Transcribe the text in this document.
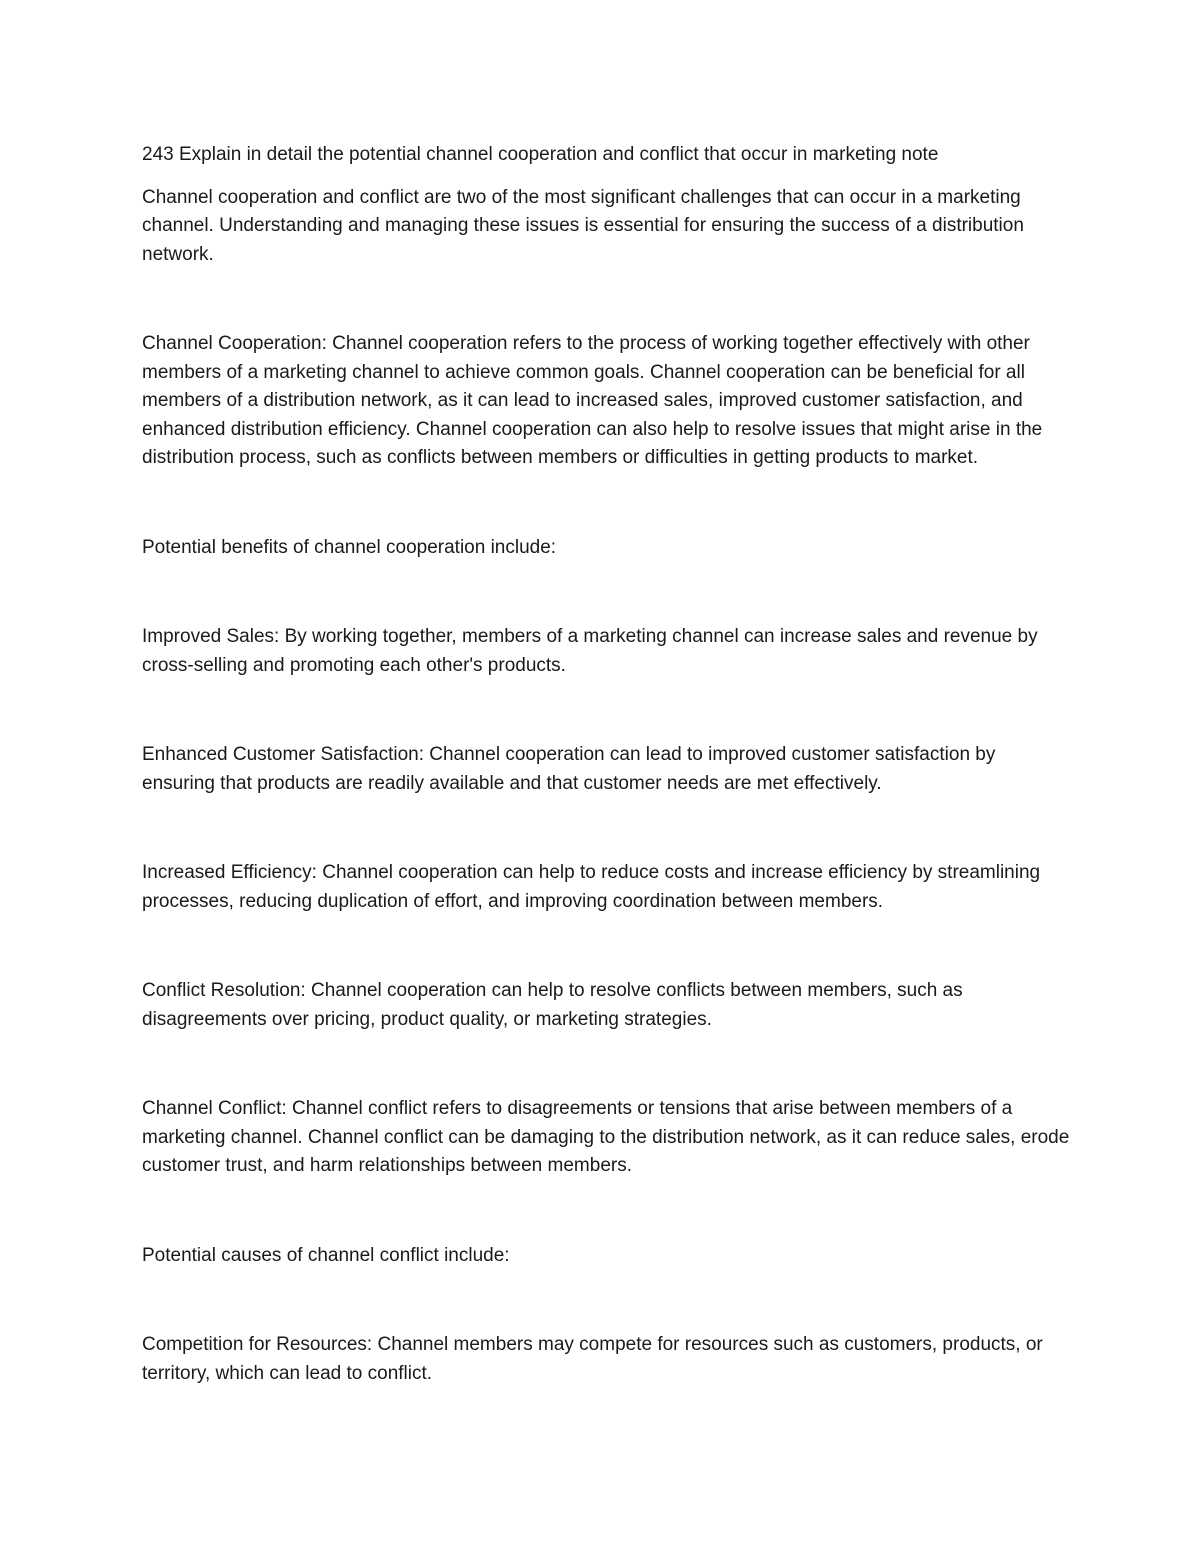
243 Explain in detail the potential channel cooperation and conflict that occur in marketing note

Channel cooperation and conflict are two of the most significant challenges that can occur in a marketing channel. Understanding and managing these issues is essential for ensuring the success of a distribution network.

Channel Cooperation: Channel cooperation refers to the process of working together effectively with other members of a marketing channel to achieve common goals. Channel cooperation can be beneficial for all members of a distribution network, as it can lead to increased sales, improved customer satisfaction, and enhanced distribution efficiency. Channel cooperation can also help to resolve issues that might arise in the distribution process, such as conflicts between members or difficulties in getting products to market.

Potential benefits of channel cooperation include:

Improved Sales: By working together, members of a marketing channel can increase sales and revenue by cross-selling and promoting each other's products.

Enhanced Customer Satisfaction: Channel cooperation can lead to improved customer satisfaction by ensuring that products are readily available and that customer needs are met effectively.

Increased Efficiency: Channel cooperation can help to reduce costs and increase efficiency by streamlining processes, reducing duplication of effort, and improving coordination between members.

Conflict Resolution: Channel cooperation can help to resolve conflicts between members, such as disagreements over pricing, product quality, or marketing strategies.

Channel Conflict: Channel conflict refers to disagreements or tensions that arise between members of a marketing channel. Channel conflict can be damaging to the distribution network, as it can reduce sales, erode customer trust, and harm relationships between members.

Potential causes of channel conflict include:

Competition for Resources: Channel members may compete for resources such as customers, products, or territory, which can lead to conflict.
